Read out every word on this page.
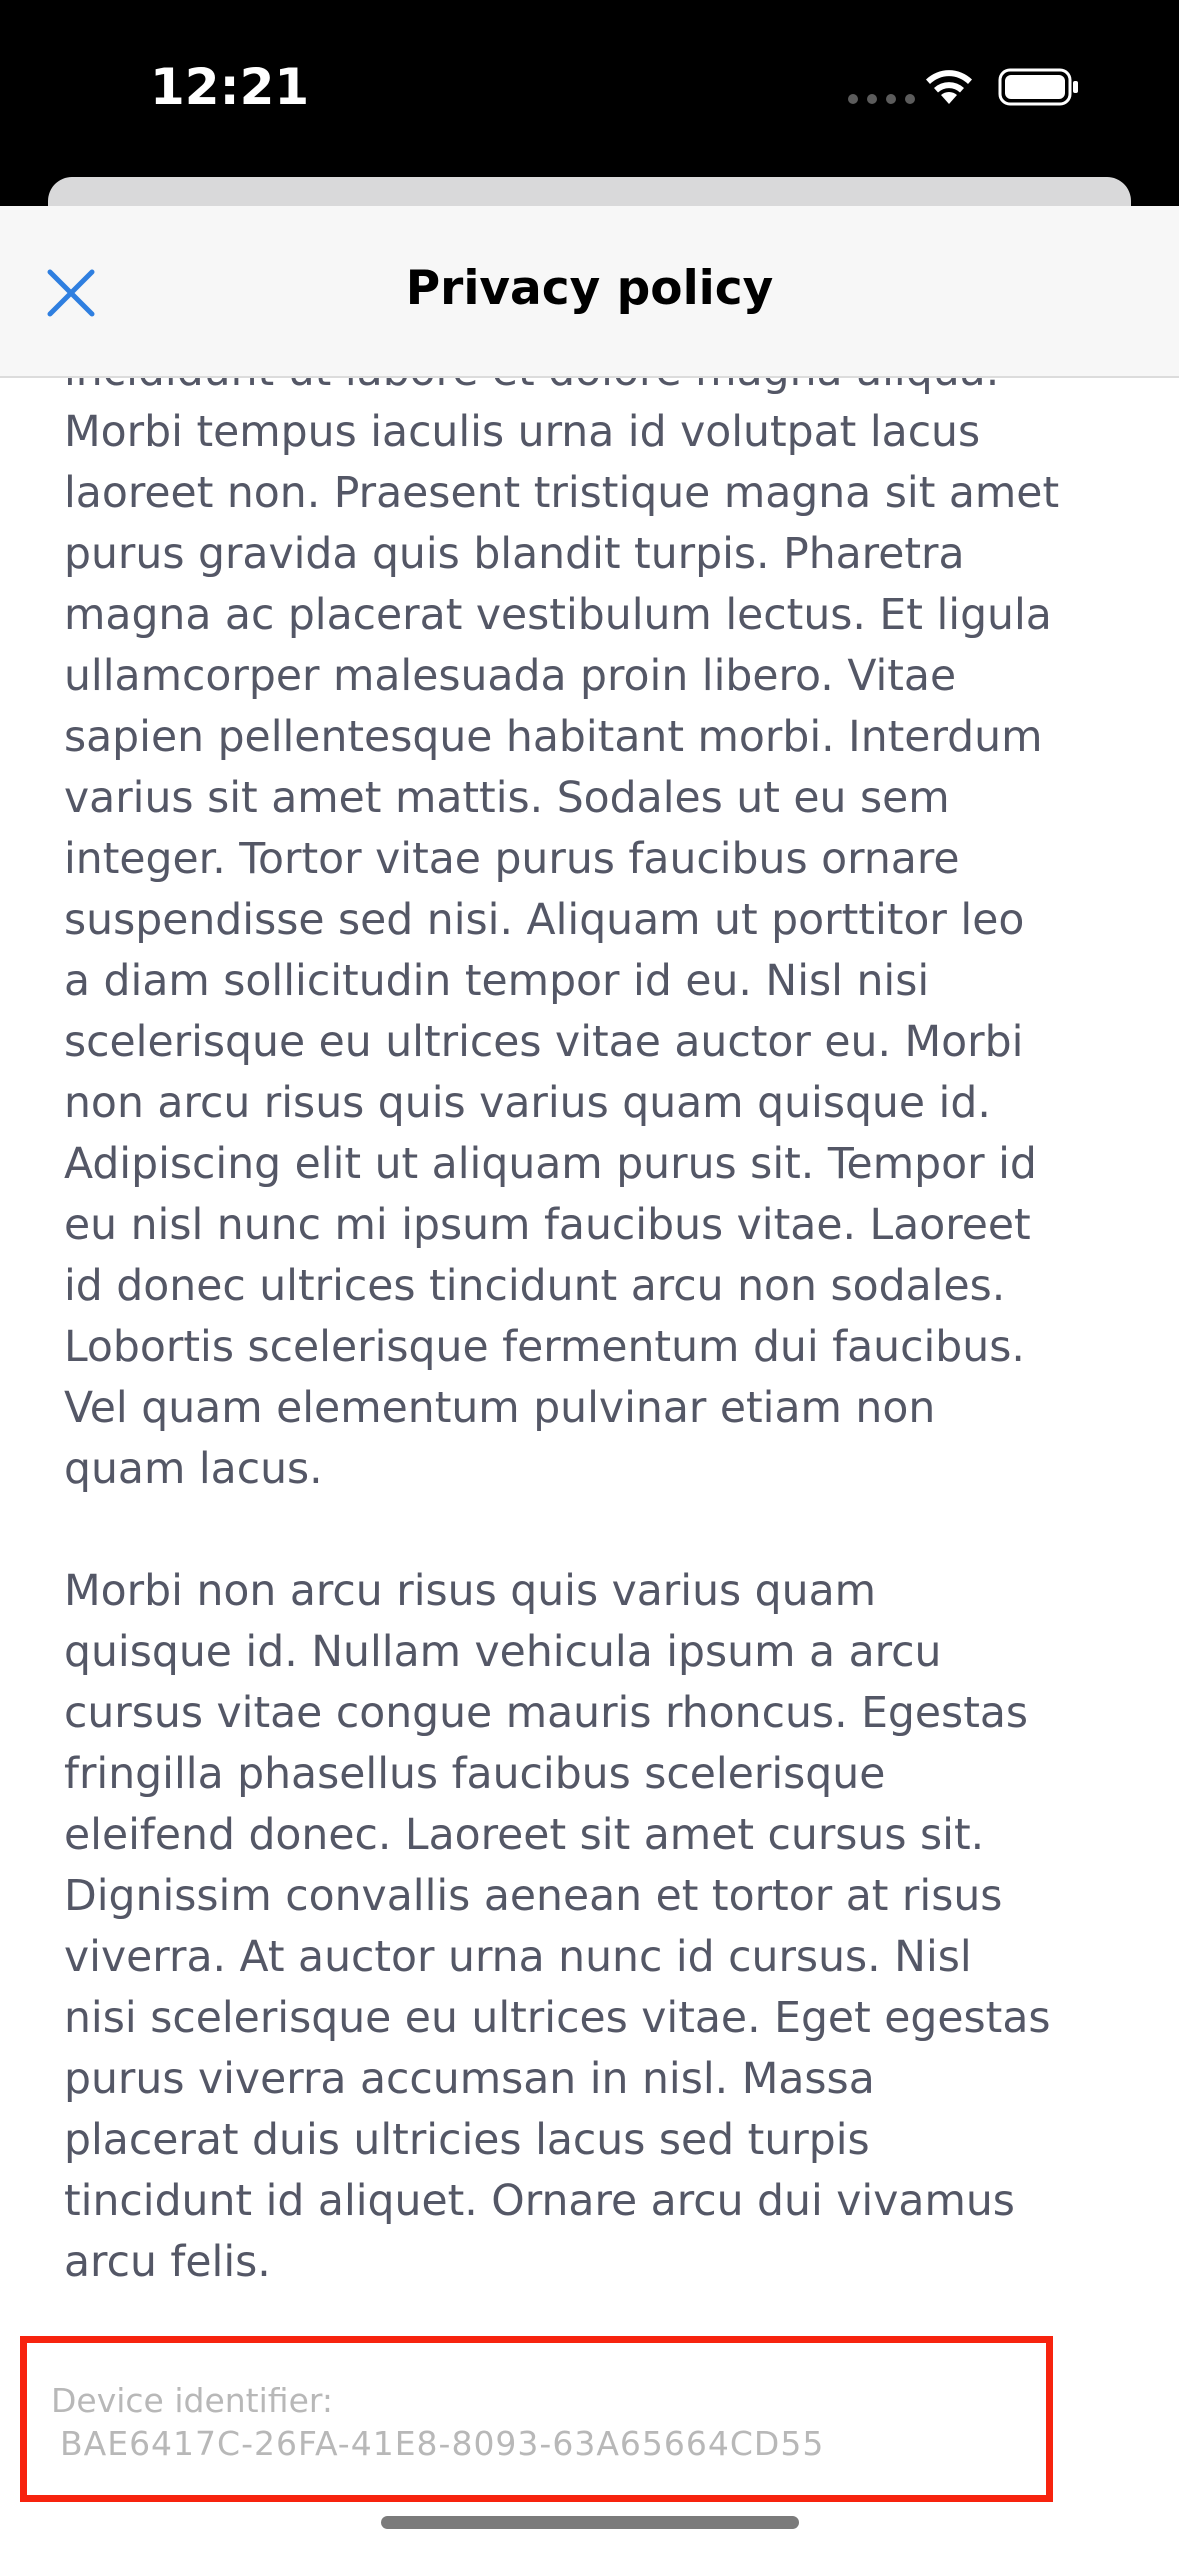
12:21
Privacy policy

Morbi tempus iaculis urna id volutpat lacus
laoreet non. Praesent tristique magna sit amet
purus gravida quis blandit turpis. Pharetra
magna ac placerat vestibulum lectus. Et ligula
ullamcorper malesuada proin libero. Vitae
sapien pellentesque habitant morbi. Interdum
varius sit amet mattis. Sodales ut eu sem
integer. Tortor vitae purus faucibus ornare
suspendisse sed nisi. Aliquam ut porttitor leo
a diam sollicitudin tempor id eu. Nisl nisi
scelerisque eu ultrices vitae auctor eu. Morbi
non arcu risus quis varius quam quisque id.
Adipiscing elit ut aliquam purus sit. Tempor id
eu nisl nunc mi ipsum faucibus vitae. Laoreet
id donec ultrices tincidunt arcu non sodales.
Lobortis scelerisque fermentum dui faucibus.
Vel quam elementum pulvinar etiam non
quam lacus.

Morbi non arcu risus quis varius quam
quisque id. Nullam vehicula ipsum a arcu
cursus vitae congue mauris rhoncus. Egestas
fringilla phasellus faucibus scelerisque
eleifend donec. Laoreet sit amet cursus sit.
Dignissim convallis aenean et tortor at risus
viverra. At auctor urna nunc id cursus. Nisl
nisi scelerisque eu ultrices vitae. Eget egestas
purus viverra accumsan in nisl. Massa
placerat duis ultricies lacus sed turpis
tincidunt id aliquet. Ornare arcu dui vivamus
arcu felis.

Device identifier:
BAE6417C-26FA-41E8-8093-63A65664CD55
